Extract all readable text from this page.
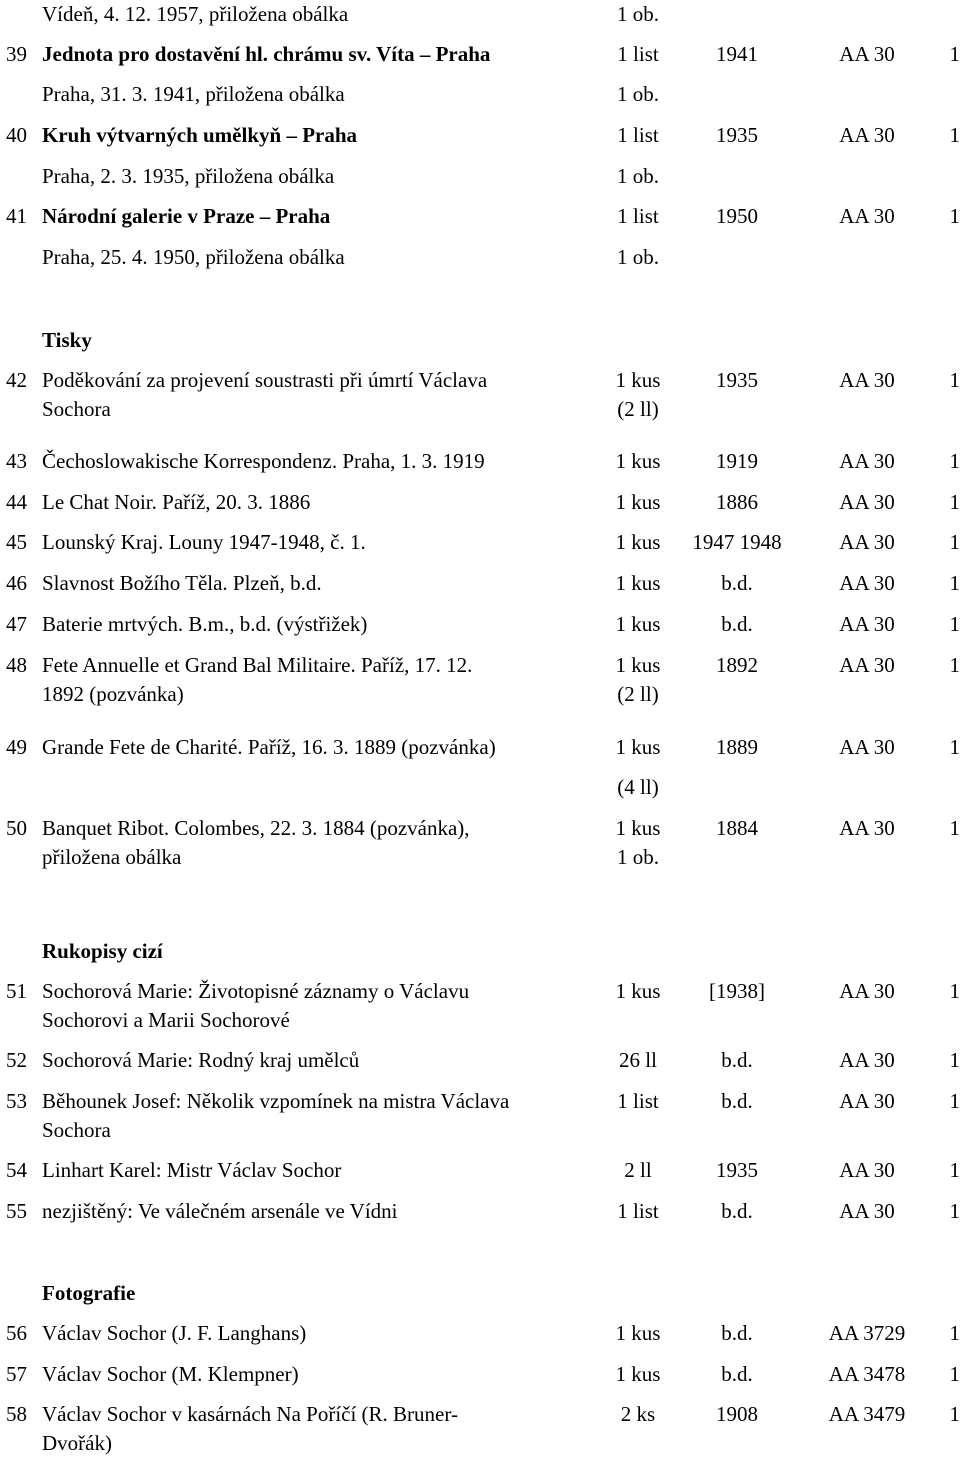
Vídeň, 4. 12. 1957, přiložena obálka	1 ob.
39 Jednota pro dostavění hl. chrámu sv. Víta – Praha	1 list	1941	AA 30	1
Praha, 31. 3. 1941, přiložena obálka	1 ob.
40 Kruh výtvarných umělkyň – Praha	1 list	1935	AA 30	1
Praha, 2. 3. 1935, přiložena obálka	1 ob.
41 Národní galerie v Praze – Praha	1 list	1950	AA 30	1
Praha, 25. 4. 1950, přiložena obálka	1 ob.
Tisky
42 Poděkování za projevení soustrasti při úmrtí Václava	1 kus	1935	AA 30	1
Sochora	(2 ll)
43 Čechoslowakische Korrespondenz. Praha, 1. 3. 1919	1 kus	1919	AA 30	1
44 Le Chat Noir. Paříž, 20. 3. 1886	1 kus	1886	AA 30	1
45 Lounský Kraj. Louny 1947-1948, č. 1.	1 kus	1947 1948	AA 30	1
46 Slavnost Božího Těla. Plzeň, b.d.	1 kus	b.d.	AA 30	1
47 Baterie mrtvých. B.m., b.d. (výstřižek)	1 kus	b.d.	AA 30	1
48 Fete Annuelle et Grand Bal Militaire. Paříž, 17. 12.	1 kus	1892	AA 30	1
1892 (pozvánka)	(2 ll)
49 Grande Fete de Charité. Paříž, 16. 3. 1889 (pozvánka)	1 kus	1889	AA 30	1
(4 ll)
50 Banquet Ribot. Colombes, 22. 3. 1884 (pozvánka),	1 kus	1884	AA 30	1
přiložena obálka	1 ob.
Rukopisy cizí
51 Sochorová Marie: Životopisné záznamy o Václavu	1 kus	[1938]	AA 30	1
Sochorovi a Marii Sochorové
52 Sochorová Marie: Rodný kraj umělců	26 ll	b.d.	AA 30	1
53 Běhounek Josef: Několik vzpomínek na mistra Václava	1 list	b.d.	AA 30	1
Sochora
54 Linhart Karel: Mistr Václav Sochor	2 ll	1935	AA 30	1
55 nezjištěný: Ve válečném arsenále ve Vídni	1 list	b.d.	AA 30	1
Fotografie
56 Václav Sochor (J. F. Langhans)	1 kus	b.d.	AA 3729	1
57 Václav Sochor (M. Klempner)	1 kus	b.d.	AA 3478	1
58 Václav Sochor v kasárnách Na Poříčí (R. Bruner-	2 ks	1908	AA 3479	1
Dvořák)
